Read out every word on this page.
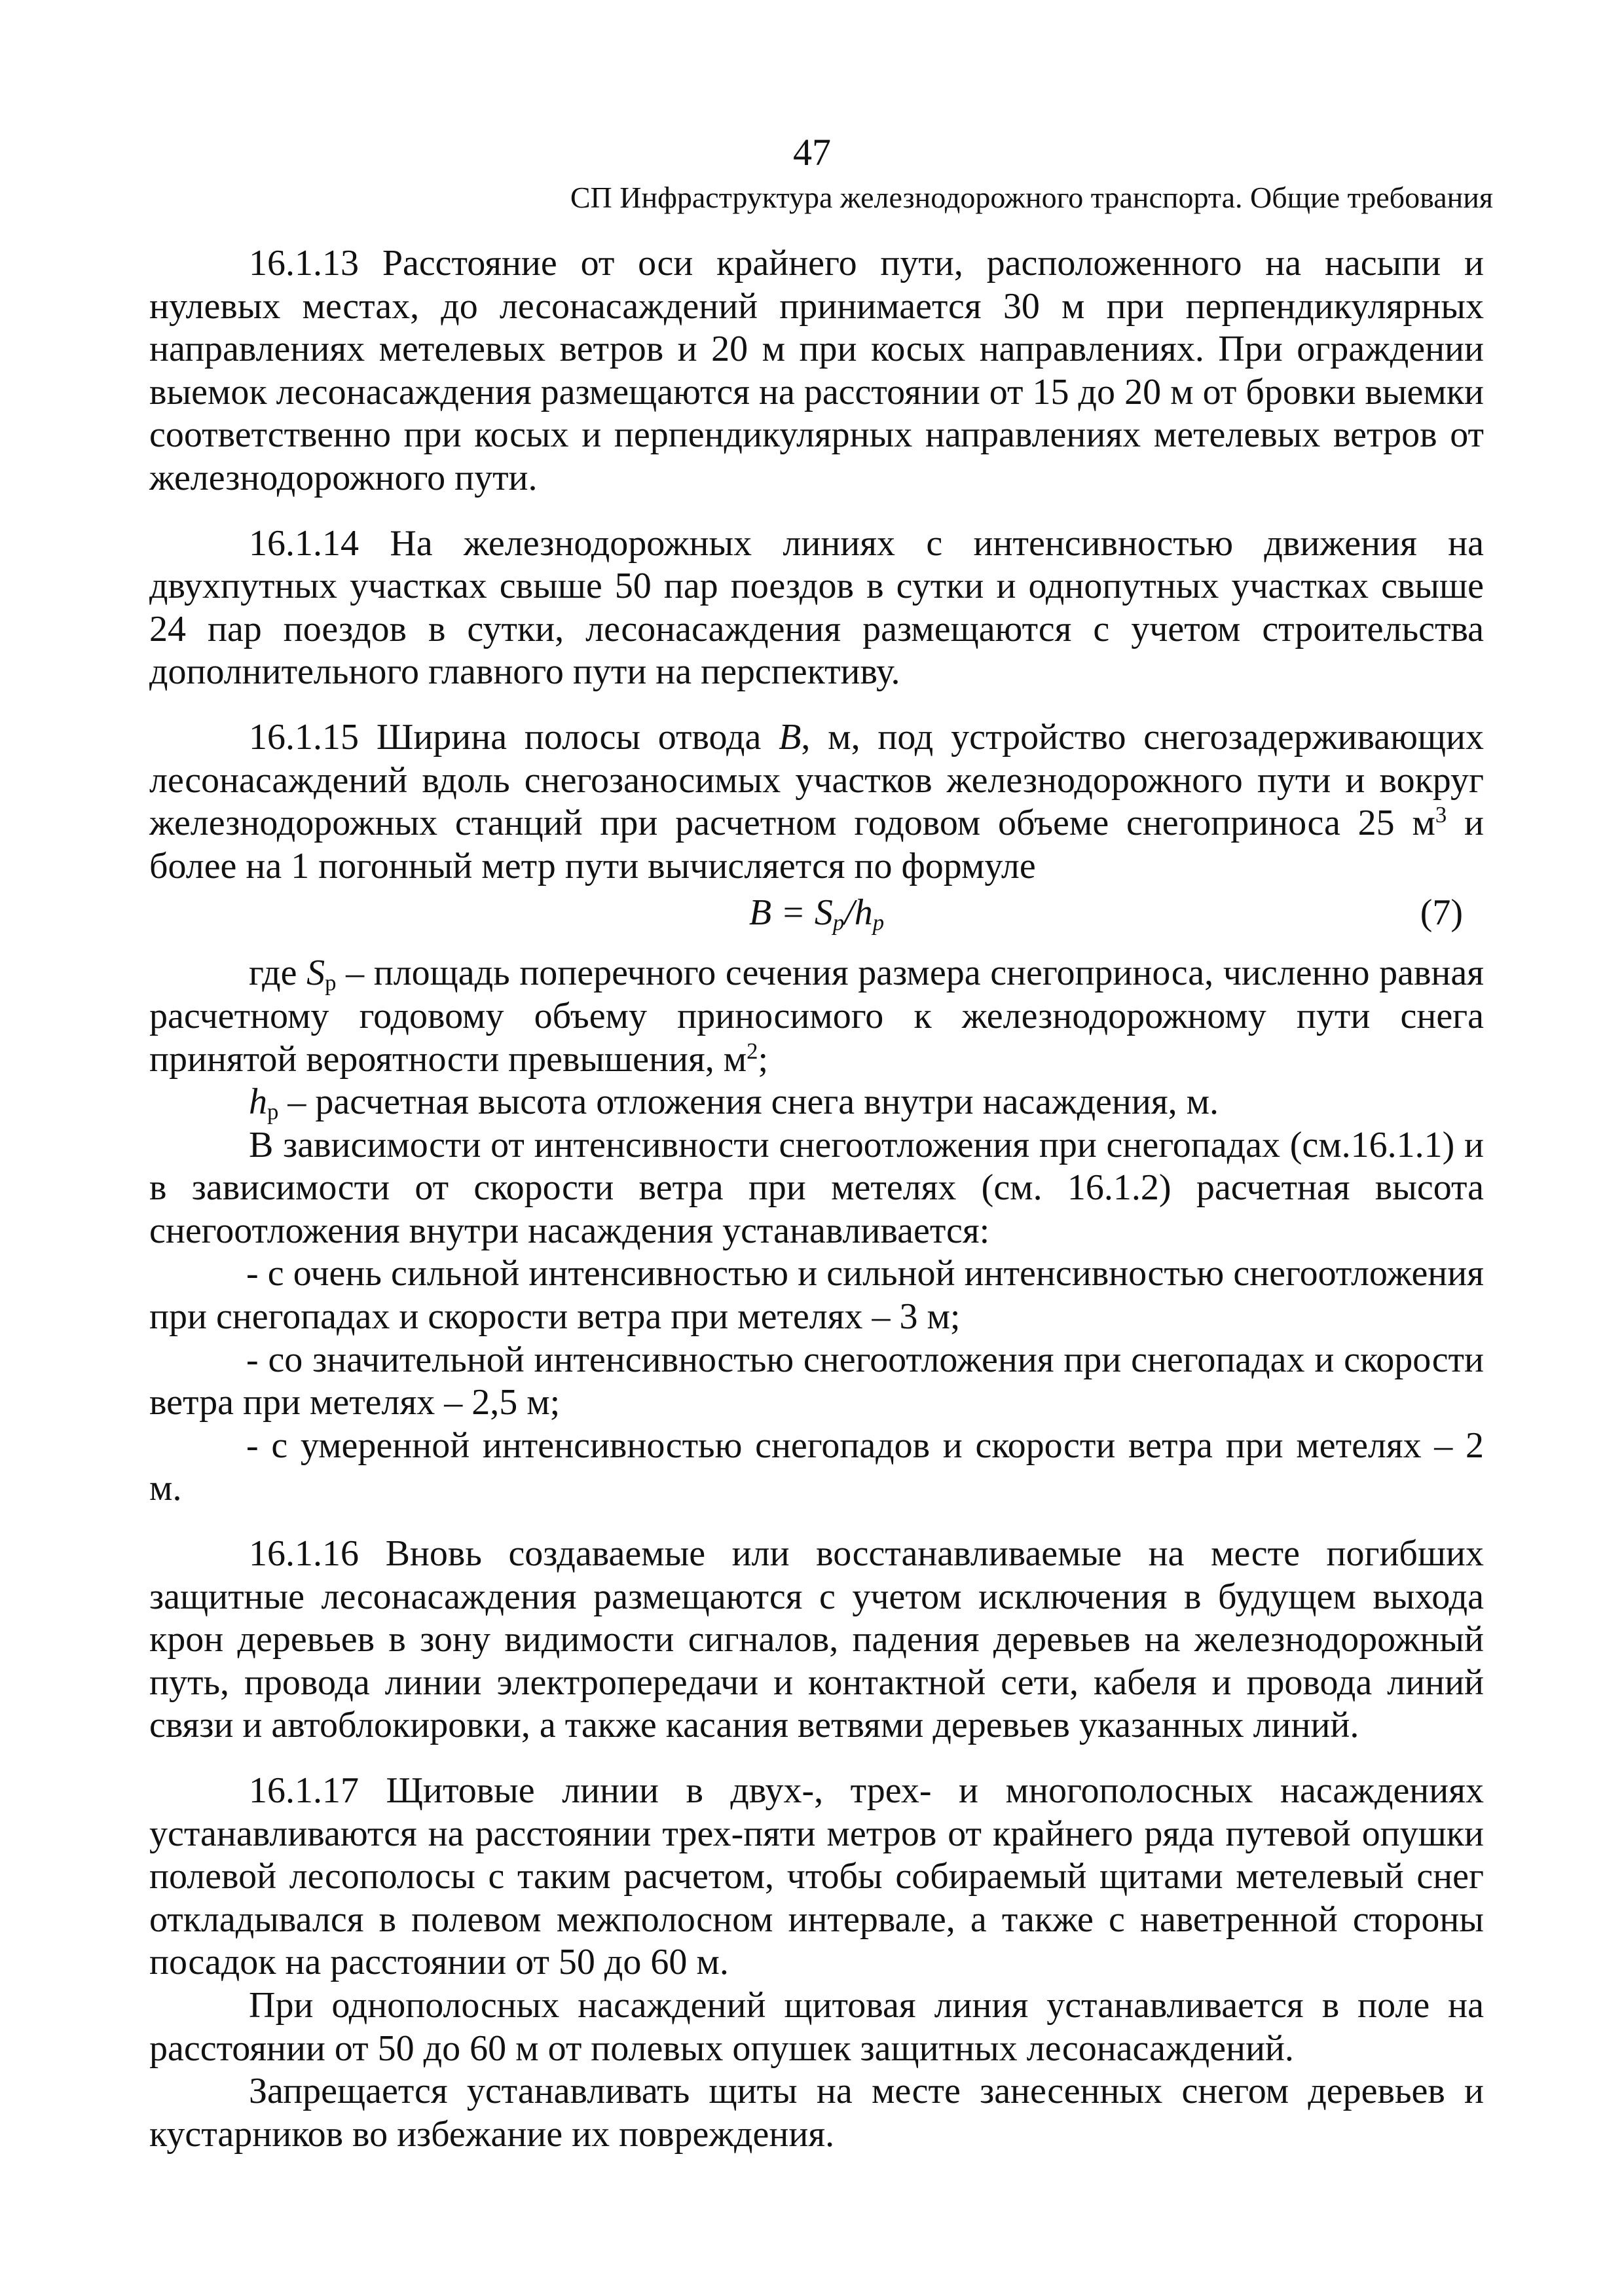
47
СП Инфраструктура железнодорожного транспорта. Общие требования

16.1.13 Расстояние от оси крайнего пути, расположенного на насыпи и нулевых местах, до лесонасаждений принимается 30 м при перпендикулярных направлениях метелевых ветров и 20 м при косых направлениях. При ограждении выемок лесонасаждения размещаются на расстоянии от 15 до 20 м от бровки выемки соответственно при косых и перпендикулярных направлениях метелевых ветров от железнодорожного пути.

16.1.14 На железнодорожных линиях с интенсивностью движения на двухпутных участках свыше 50 пар поездов в сутки и однопутных участках свыше 24 пар поездов в сутки, лесонасаждения размещаются с учетом строительства дополнительного главного пути на перспективу.

16.1.15 Ширина полосы отвода B, м, под устройство снегозадерживающих лесонасаждений вдоль снегозаносимых участков железнодорожного пути и вокруг железнодорожных станций при расчетном годовом объеме снегоприноса 25 $м^3$ и более на 1 погонный метр пути вычисляется по формуле

$B = S_p/h_p$	(7)

где $S_p$ – площадь поперечного сечения размера снегоприноса, численно равная расчетному годовому объему приносимого к железнодорожному пути снега принятой вероятности превышения, $м^2$;

$h_p$ – расчетная высота отложения снега внутри насаждения, м.

В зависимости от интенсивности снегоотложения при снегопадах (см.16.1.1) и в зависимости от скорости ветра при метелях (см. 16.1.2) расчетная высота снегоотложения внутри насаждения устанавливается:

- с очень сильной интенсивностью и сильной интенсивностью снегоотложения при снегопадах и скорости ветра при метелях – 3 м;

- со значительной интенсивностью снегоотложения при снегопадах и скорости ветра при метелях – 2,5 м;

- с умеренной интенсивностью снегопадов и скорости ветра при метелях – 2 м.

16.1.16 Вновь создаваемые или восстанавливаемые на месте погибших защитные лесонасаждения размещаются с учетом исключения в будущем выхода крон деревьев в зону видимости сигналов, падения деревьев на железнодорожный путь, провода линии электропередачи и контактной сети, кабеля и провода линий связи и автоблокировки, а также касания ветвями деревьев указанных линий.

16.1.17 Щитовые линии в двух-, трех- и многополосных насаждениях устанавливаются на расстоянии трех-пяти метров от крайнего ряда путевой опушки полевой лесополосы с таким расчетом, чтобы собираемый щитами метелевый снег откладывался в полевом межполосном интервале, а также с наветренной стороны посадок на расстоянии от 50 до 60 м.

При однополосных насаждений щитовая линия устанавливается в поле на расстоянии от 50 до 60 м от полевых опушек защитных лесонасаждений.

Запрещается устанавливать щиты на месте занесенных снегом деревьев и кустарников во избежание их повреждения.
